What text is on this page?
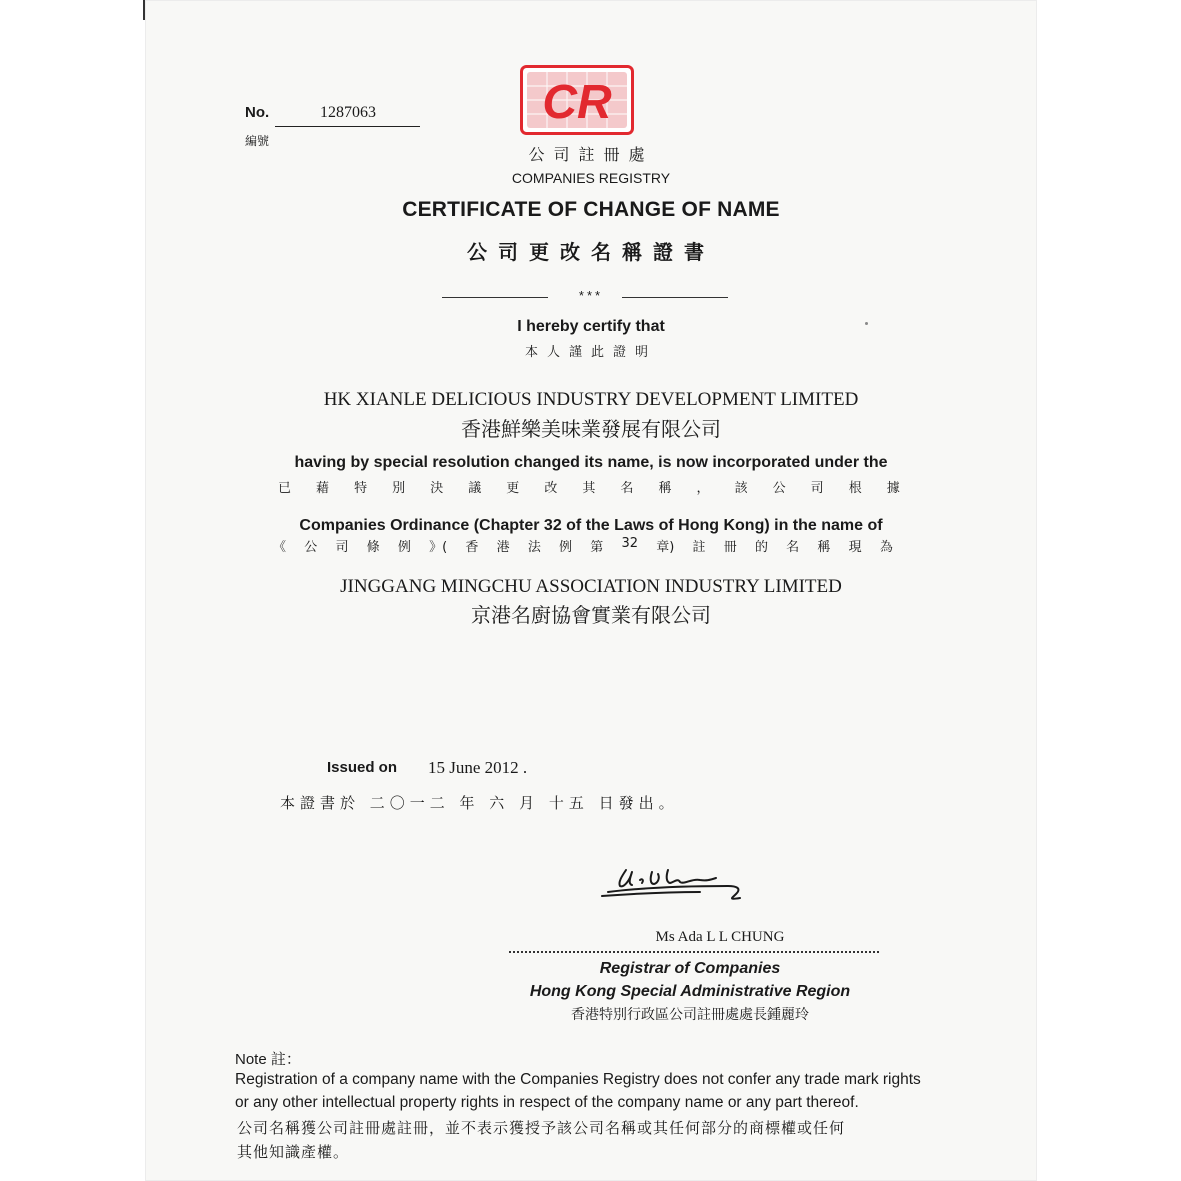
CR
No.	1287063
編號
公司註冊處
COMPANIES REGISTRY
CERTIFICATE OF CHANGE OF NAME
公司更改名稱證書
***
I hereby certify that
本人謹此證明
HK XIANLE DELICIOUS INDUSTRY DEVELOPMENT LIMITED
香港鮮樂美味業發展有限公司
having by special resolution changed its name, is now incorporated under the
已 藉 特 別 決 議 更 改 其 名 稱 ， 該 公 司 根 據
Companies Ordinance (Chapter 32 of the Laws of Hong Kong) in the name of
《 公 司 條 例 》( 香 港 法 例 第 32 章) 註 冊 的 名 稱 現 為
JINGGANG MINGCHU ASSOCIATION INDUSTRY LIMITED
京港名廚協會實業有限公司
Issued on 15 June 2012 .
本證書於 二〇一二 年 六 月 十五 日發出。
Ms Ada L L CHUNG
Registrar of Companies
Hong Kong Special Administrative Region
香港特別行政區公司註冊處處長鍾麗玲
Note 註：
Registration of a company name with the Companies Registry does not confer any trade mark rights
or any other intellectual property rights in respect of the company name or any part thereof.
公司名稱獲公司註冊處註冊，並不表示獲授予該公司名稱或其任何部分的商標權或任何
其他知識產權。
